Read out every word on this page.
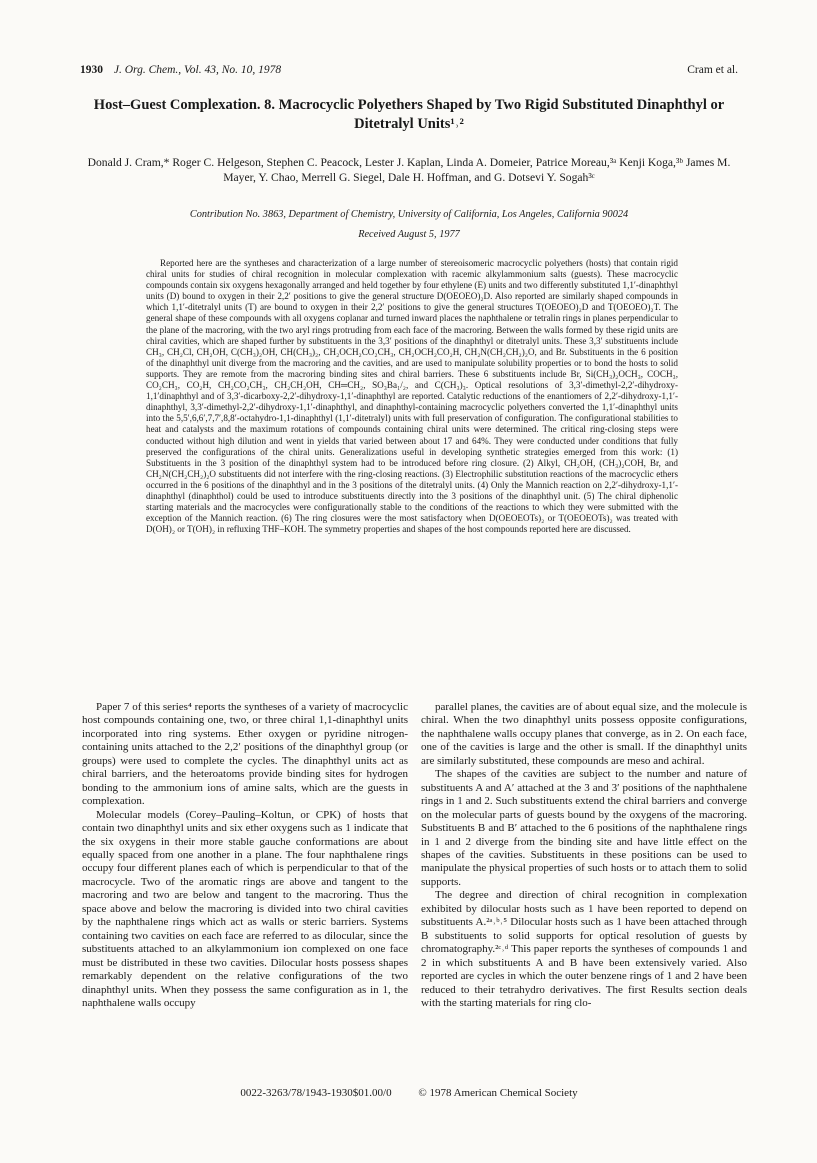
1930 J. Org. Chem., Vol. 43, No. 10, 1978	Cram et al.
Host–Guest Complexation. 8. Macrocyclic Polyethers Shaped by Two Rigid Substituted Dinaphthyl or Ditetralyl Units¹˒²
Donald J. Cram,* Roger C. Helgeson, Stephen C. Peacock, Lester J. Kaplan, Linda A. Domeier, Patrice Moreau,³ᵃ Kenji Koga,³ᵇ James M. Mayer, Y. Chao, Merrell G. Siegel, Dale H. Hoffman, and G. Dotsevi Y. Sogah³ᶜ
Contribution No. 3863, Department of Chemistry, University of California, Los Angeles, California 90024
Received August 5, 1977

Reported here are the syntheses and characterization of a large number of stereoisomeric macrocyclic polyethers (hosts) that contain rigid chiral units for studies of chiral recognition in molecular complexation with racemic alkylammonium salts (guests). These macrocyclic compounds contain six oxygens hexagonally arranged and held together by four ethylene (E) units and two differently substituted 1,1′-dinaphthyl units (D) bound to oxygen in their 2,2′ positions to give the general structure D(OEOEO)₂D. Also reported are similarly shaped compounds in which 1,1′-ditetralyl units (T) are bound to oxygen in their 2,2′ positions to give the general structures T(OEOEO)₂D and T(OEOEO)₂T. The general shape of these compounds with all oxygens coplanar and turned inward places the naphthalene or tetralin rings in planes perpendicular to the plane of the macroring, with the two aryl rings protruding from each face of the macroring. Between the walls formed by these rigid units are chiral cavities, which are shaped further by substituents in the 3,3′ positions of the dinaphthyl or ditetralyl units. These 3,3′ substituents include CH₃, CH₂Cl, CH₂OH, C(CH₃)₂OH, CH(CH₃)₂, CH₂OCH₂CO₂CH₃, CH₂OCH₂CO₂H, CH₂N(CH₂CH₂)₂O, and Br. Substituents in the 6 position of the dinaphthyl unit diverge from the macroring and the cavities, and are used to manipulate solubility properties or to bond the hosts to solid supports. They are remote from the macroring binding sites and chiral barriers. These 6 substituents include Br, Si(CH₃)₂OCH₃, COCH₃, CO₂CH₃, CO₂H, CH₂CO₂CH₃, CH₂CH₂OH, CH═CH₂, SO₃Ba₁/₂, and C(CH₃)₃. Optical resolutions of 3,3′-dimethyl-2,2′-dihydroxy-1,1′dinaphthyl and of 3,3′-dicarboxy-2,2′-dihydroxy-1,1′-dinaphthyl are reported. Catalytic reductions of the enantiomers of 2,2′-dihydroxy-1,1′-dinaphthyl, 3,3′-dimethyl-2,2′-dihydroxy-1,1′-dinaphthyl, and dinaphthyl-containing macrocyclic polyethers converted the 1,1′-dinaphthyl units into the 5,5′,6,6′,7,7′,8,8′-octahydro-1,1-dinaphthyl (1,1′-ditetralyl) units with full preservation of configuration. The configurational stabilities to heat and catalysts and the maximum rotations of compounds containing chiral units were determined. The critical ring-closing steps were conducted without high dilution and went in yields that varied between about 17 and 64%. They were conducted under conditions that fully preserved the configurations of the chiral units. Generalizations useful in developing synthetic strategies emerged from this work: (1) Substituents in the 3 position of the dinaphthyl system had to be introduced before ring closure. (2) Alkyl, CH₂OH, (CH₃)₂COH, Br, and CH₂N(CH₂CH₂)₂O substituents did not interfere with the ring-closing reactions. (3) Electrophilic substitution reactions of the macrocyclic ethers occurred in the 6 positions of the dinaphthyl and in the 3 positions of the ditetralyl units. (4) Only the Mannich reaction on 2,2′-dihydroxy-1,1′-dinaphthyl (dinaphthol) could be used to introduce substituents directly into the 3 positions of the dinaphthyl unit. (5) The chiral diphenolic starting materials and the macrocycles were configurationally stable to the conditions of the reactions to which they were submitted with the exception of the Mannich reaction. (6) The ring closures were the most satisfactory when D(OEOEOTs)₂ or T(OEOEOTs)₂ was treated with D(OH)₂ or T(OH)₂ in refluxing THF–KOH. The symmetry properties and shapes of the host compounds reported here are discussed.

Paper 7 of this series⁴ reports the syntheses of a variety of macrocyclic host compounds containing one, two, or three chiral 1,1-dinaphthyl units incorporated into ring systems. Ether oxygen or pyridine nitrogen-containing units attached to the 2,2′ positions of the dinaphthyl group (or groups) were used to complete the cycles. The dinaphthyl units act as chiral barriers, and the heteroatoms provide binding sites for hydrogen bonding to the ammonium ions of amine salts, which are the guests in complexation.

Molecular models (Corey–Pauling–Koltun, or CPK) of hosts that contain two dinaphthyl units and six ether oxygens such as 1 indicate that the six oxygens in their more stable gauche conformations are about equally spaced from one another in a plane. The four naphthalene rings occupy four different planes each of which is perpendicular to that of the macrocycle. Two of the aromatic rings are above and tangent to the macroring and two are below and tangent to the macroring. Thus the space above and below the macroring is divided into two chiral cavities by the naphthalene rings which act as walls or steric barriers. Systems containing two cavities on each face are referred to as dilocular, since the substituents attached to an alkylammonium ion complexed on one face must be distributed in these two cavities. Dilocular hosts possess shapes remarkably dependent on the relative configurations of the two dinaphthyl units. When they possess the same configuration as in 1, the naphthalene walls occupy

parallel planes, the cavities are of about equal size, and the molecule is chiral. When the two dinaphthyl units possess opposite configurations, the naphthalene walls occupy planes that converge, as in 2. On each face, one of the cavities is large and the other is small. If the dinaphthyl units are similarly substituted, these compounds are meso and achiral.

The shapes of the cavities are subject to the number and nature of substituents A and A′ attached at the 3 and 3′ positions of the naphthalene rings in 1 and 2. Such substituents extend the chiral barriers and converge on the molecular parts of guests bound by the oxygens of the macroring. Substituents B and B′ attached to the 6 positions of the naphthalene rings in 1 and 2 diverge from the binding site and have little effect on the shapes of the cavities. Substituents in these positions can be used to manipulate the physical properties of such hosts or to attach them to solid supports.

The degree and direction of chiral recognition in complexation exhibited by dilocular hosts such as 1 have been reported to depend on substituents A.²ᵃ˒ᵇ˒⁵ Dilocular hosts such as 1 have been attached through B substituents to solid supports for optical resolution of guests by chromatography.²ᶜ˒ᵈ This paper reports the syntheses of compounds 1 and 2 in which substituents A and B have been extensively varied. Also reported are cycles in which the outer benzene rings of 1 and 2 have been reduced to their tetrahydro derivatives. The first Results section deals with the starting materials for ring clo-

0022-3263/78/1943-1930$01.00/0 © 1978 American Chemical Society
